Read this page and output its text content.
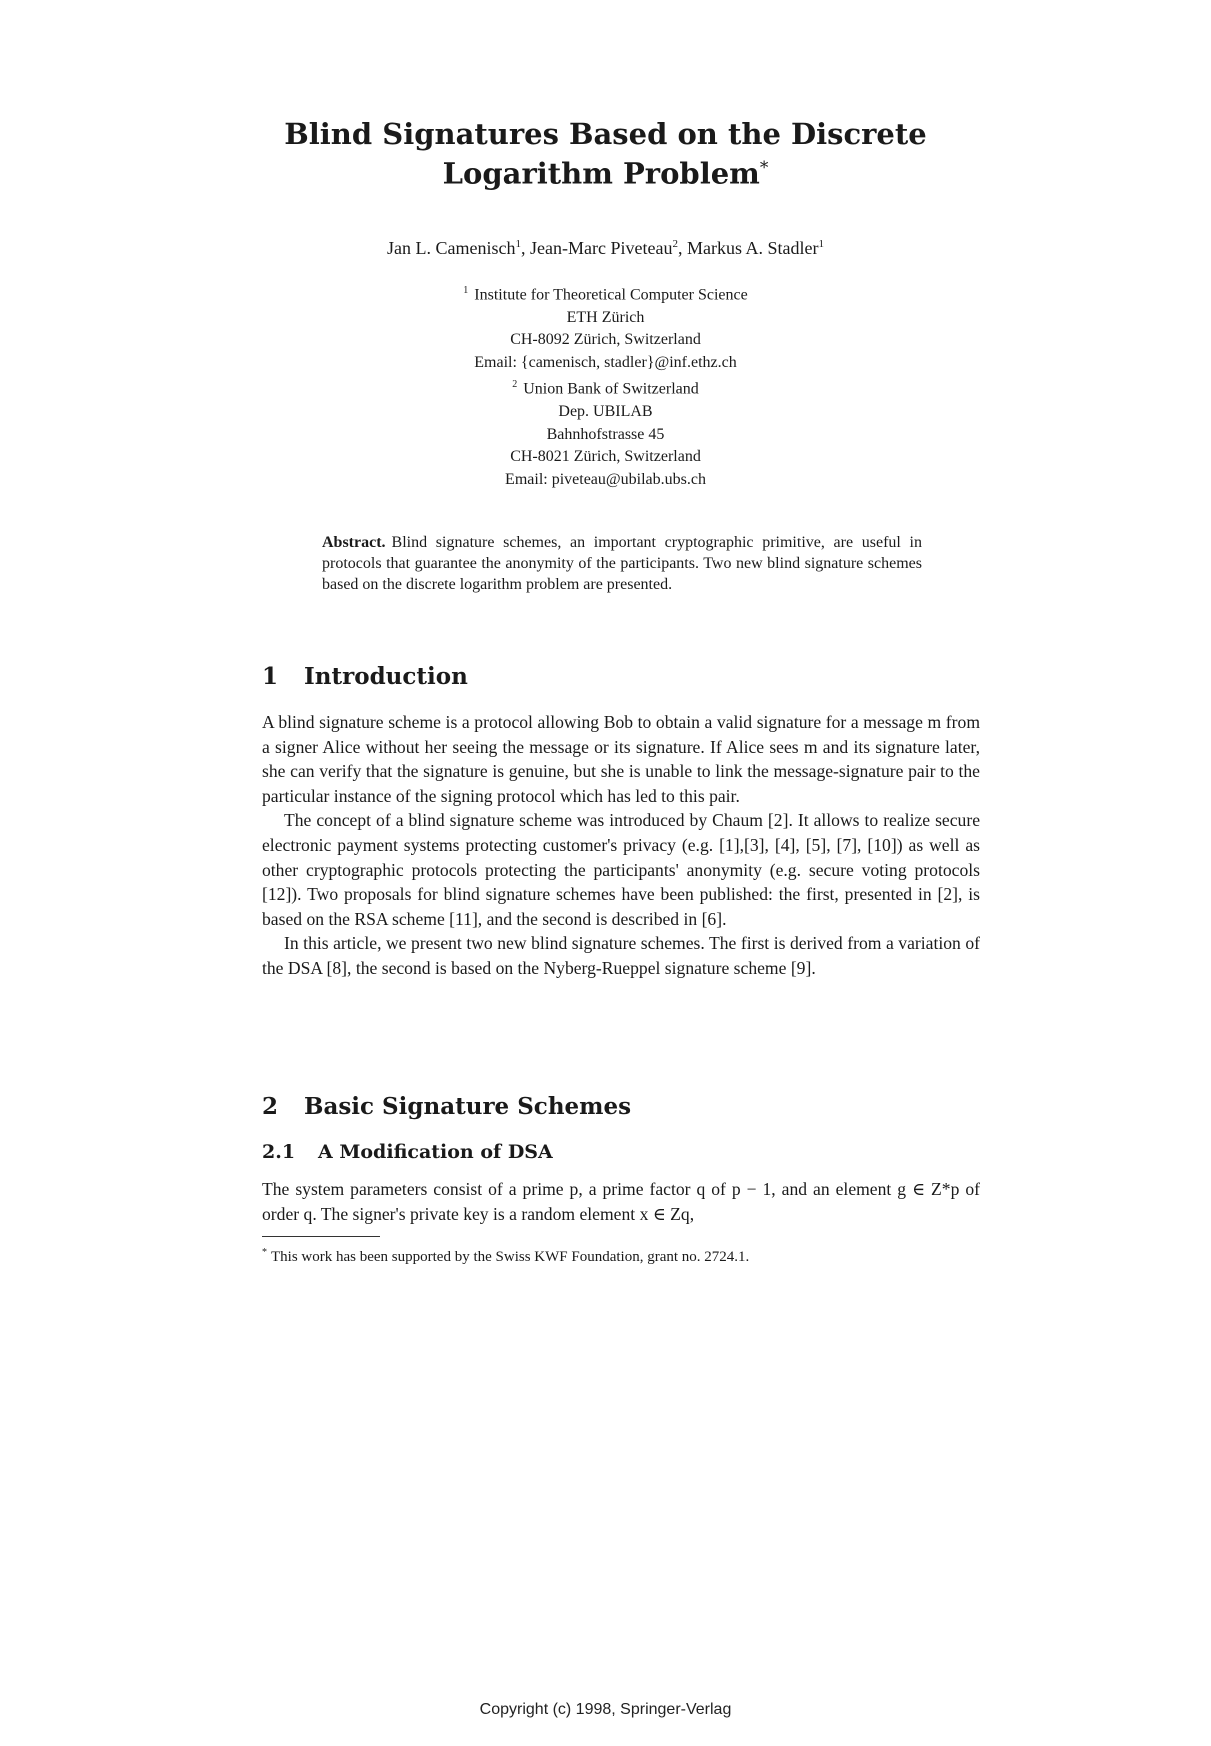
Blind Signatures Based on the Discrete
Logarithm Problem*
Jan L. Camenisch$^1$, Jean-Marc Piveteau$^2$, Markus A. Stadler$^1$
$^1$ Institute for Theoretical Computer Science
ETH Zürich
CH-8092 Zürich, Switzerland
Email: {camenisch, stadler}@inf.ethz.ch
$^2$ Union Bank of Switzerland
Dep. UBILAB
Bahnhofstrasse 45
CH-8021 Zürich, Switzerland
Email: piveteau@ubilab.ubs.ch
Abstract. Blind signature schemes, an important cryptographic primitive, are useful in protocols that guarantee the anonymity of the participants. Two new blind signature schemes based on the discrete logarithm problem are presented.
1 Introduction

A blind signature scheme is a protocol allowing Bob to obtain a valid signature for a message m from a signer Alice without her seeing the message or its signature. If Alice sees m and its signature later, she can verify that the signature is genuine, but she is unable to link the message-signature pair to the particular instance of the signing protocol which has led to this pair.

The concept of a blind signature scheme was introduced by Chaum [2]. It allows to realize secure electronic payment systems protecting customer's privacy (e.g. [1],[3], [4], [5], [7], [10]) as well as other cryptographic protocols protecting the participants' anonymity (e.g. secure voting protocols [12]). Two proposals for blind signature schemes have been published: the first, presented in [2], is based on the RSA scheme [11], and the second is described in [6].

In this article, we present two new blind signature schemes. The first is derived from a variation of the DSA [8], the second is based on the Nyberg-Rueppel signature scheme [9].

2 Basic Signature Schemes
2.1 A Modification of DSA

The system parameters consist of a prime p, a prime factor q of p − 1, and an element g ∈ Z*p of order q. The signer's private key is a random element x ∈ Zq,

* This work has been supported by the Swiss KWF Foundation, grant no. 2724.1.
Copyright (c) 1998, Springer-Verlag
